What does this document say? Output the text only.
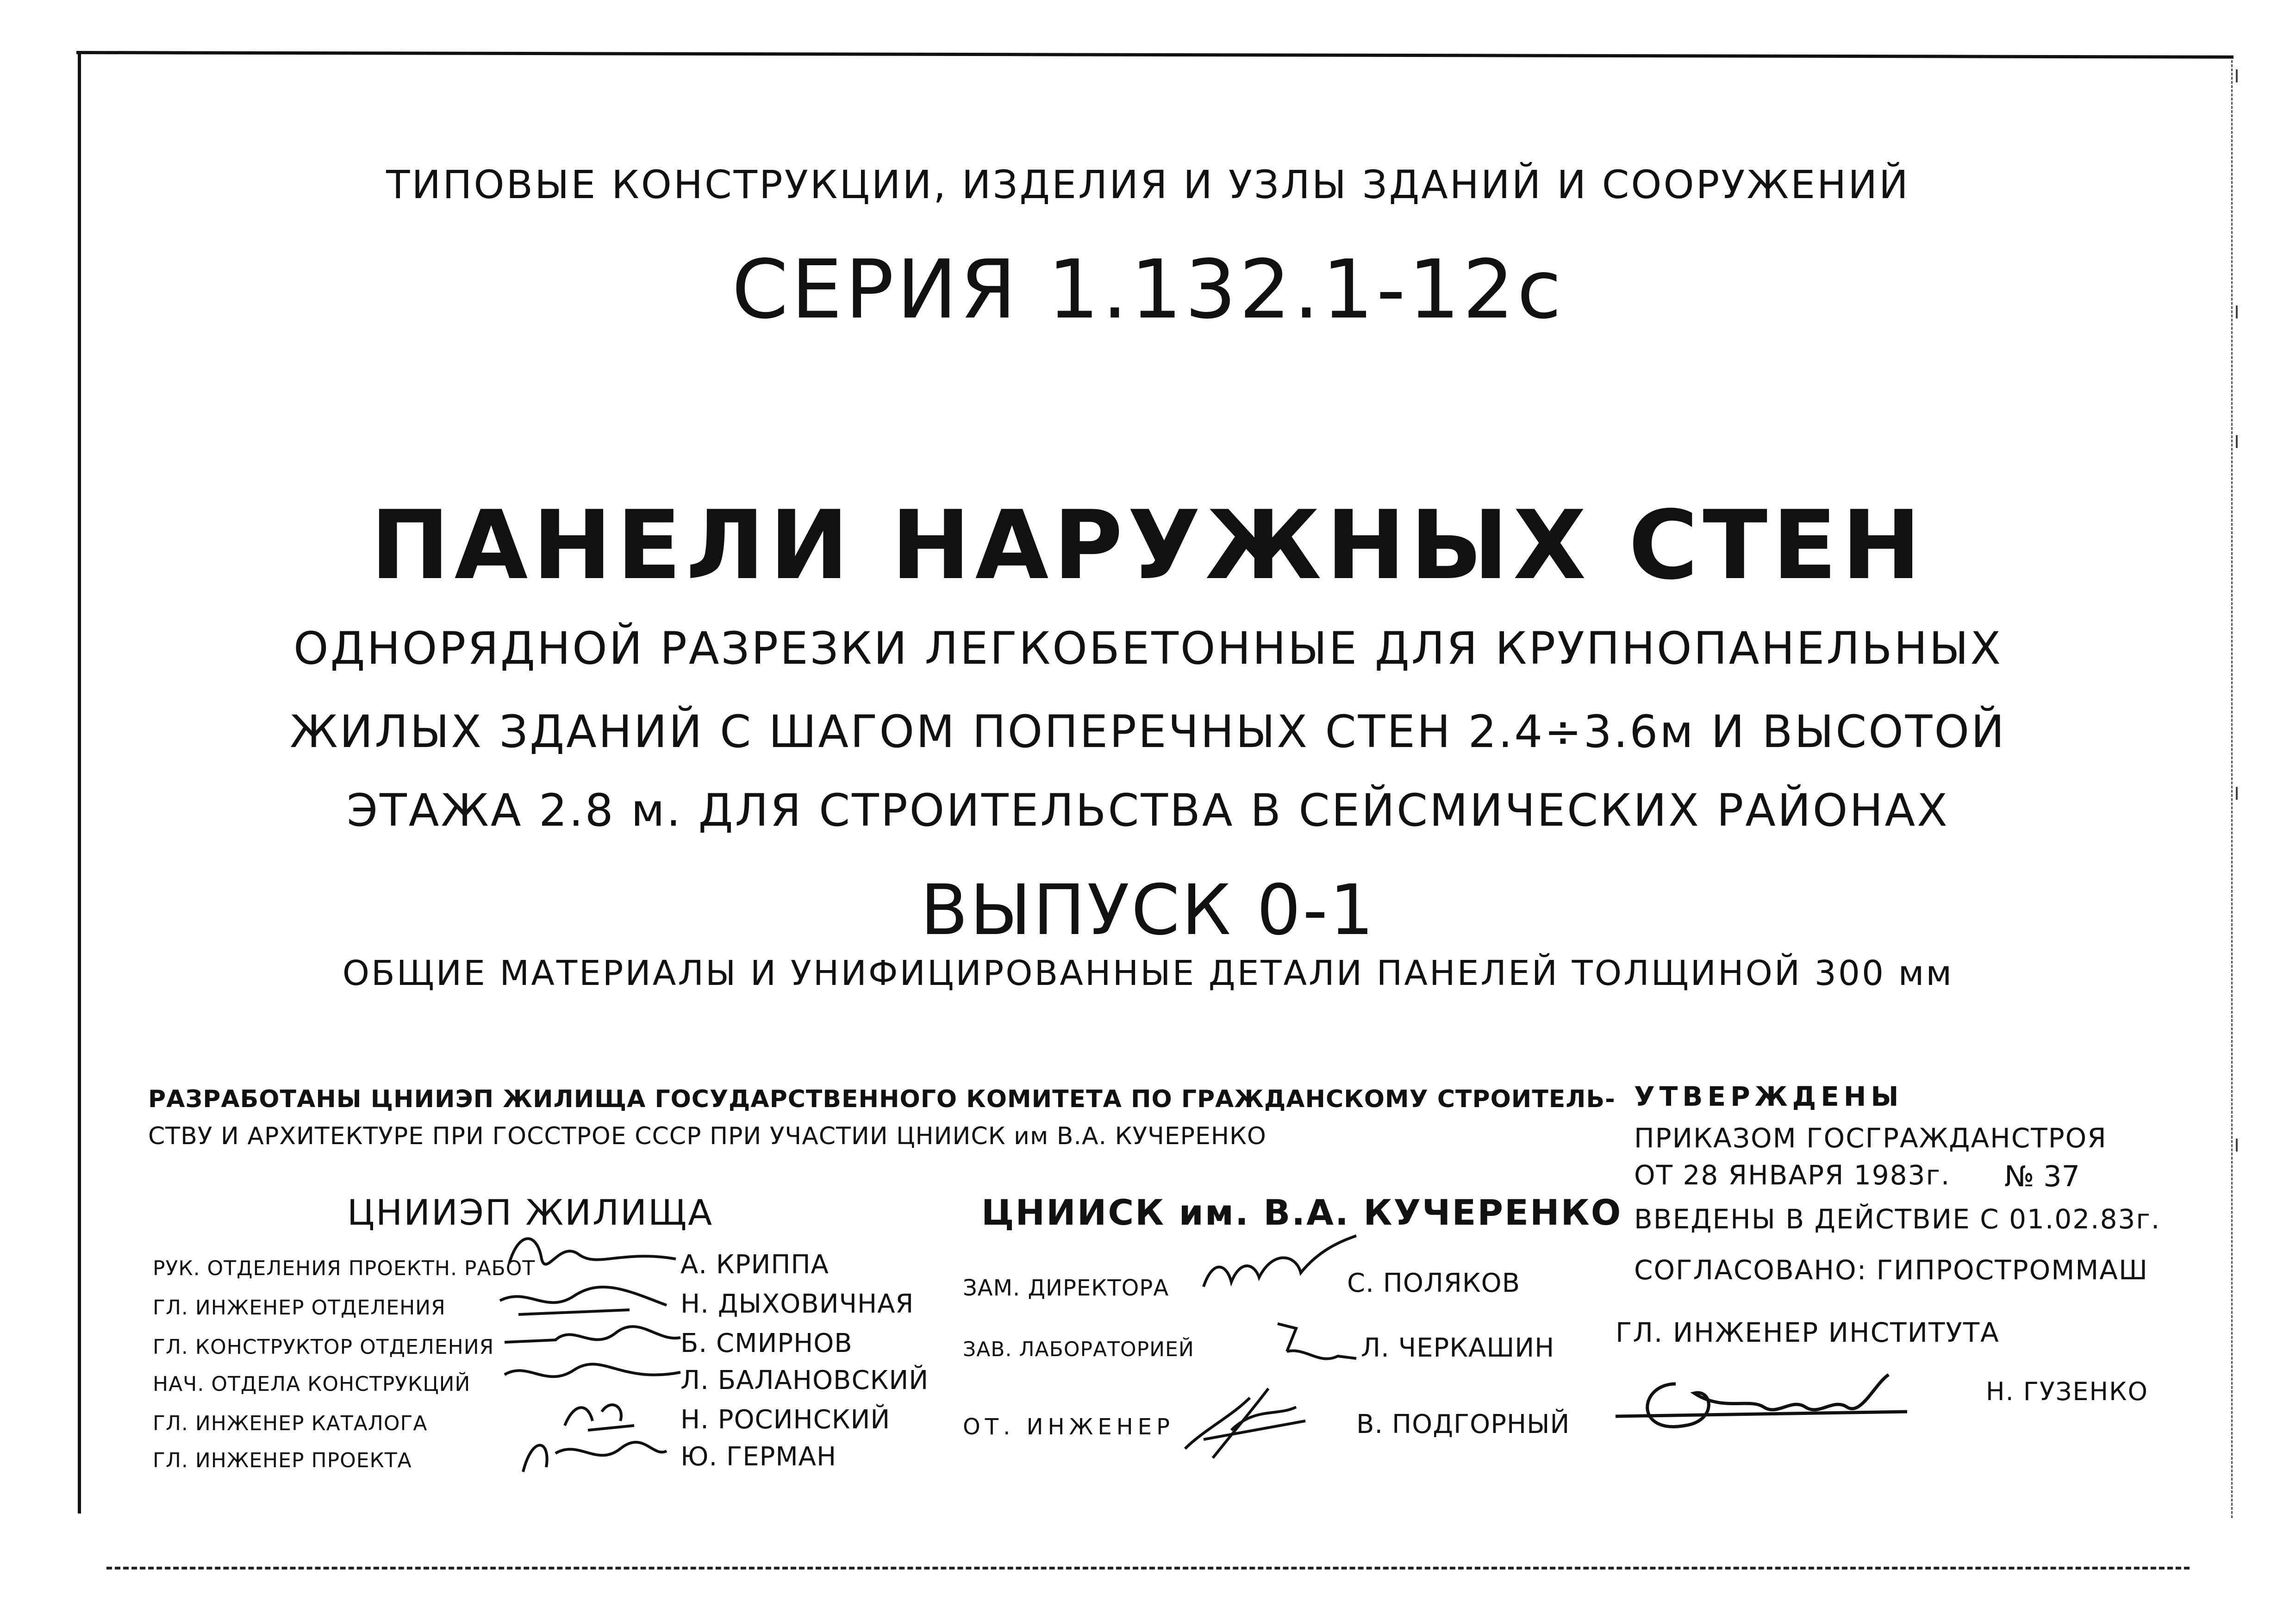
ТИПОВЫЕ КОНСТРУКЦИИ, ИЗДЕЛИЯ И УЗЛЫ ЗДАНИЙ И СООРУЖЕНИЙ
СЕРИЯ 1.132.1-12с
ПАНЕЛИ НАРУЖНЫХ СТЕН
ОДНОРЯДНОЙ РАЗРЕЗКИ ЛЕГКОБЕТОННЫЕ ДЛЯ КРУПНОПАНЕЛЬНЫХ
ЖИЛЫХ ЗДАНИЙ С ШАГОМ ПОПЕРЕЧНЫХ СТЕН 2.4÷3.6м И ВЫСОТОЙ
ЭТАЖА 2.8 м. ДЛЯ СТРОИТЕЛЬСТВА В СЕЙСМИЧЕСКИХ РАЙОНАХ
ВЫПУСК 0-1
ОБЩИЕ МАТЕРИАЛЫ И УНИФИЦИРОВАННЫЕ ДЕТАЛИ ПАНЕЛЕЙ ТОЛЩИНОЙ 300 мм
РАЗРАБОТАНЫ ЦНИИЭП ЖИЛИЩА ГОСУДАРСТВЕННОГО КОМИТЕТА ПО ГРАЖДАНСКОМУ СТРОИТЕЛЬ-
СТВУ И АРХИТЕКТУРЕ ПРИ ГОССТРОЕ СССР ПРИ УЧАСТИИ ЦНИИСК им В.А. КУЧЕРЕНКО
ЦНИИЭП ЖИЛИЩА
РУК. ОТДЕЛЕНИЯ ПРОЕКТН. РАБОТ	А. КРИППА
ГЛ. ИНЖЕНЕР ОТДЕЛЕНИЯ	Н. ДЫХОВИЧНАЯ
ГЛ. КОНСТРУКТОР ОТДЕЛЕНИЯ	Б. СМИРНОВ
НАЧ. ОТДЕЛА КОНСТРУКЦИЙ	Л. БАЛАНОВСКИЙ
ГЛ. ИНЖЕНЕР КАТАЛОГА	Н. РОСИНСКИЙ
ГЛ. ИНЖЕНЕР ПРОЕКТА	Ю. ГЕРМАН
ЦНИИСК им. В.А. КУЧЕРЕНКО
ЗАМ. ДИРЕКТОРА	С. ПОЛЯКОВ
ЗАВ. ЛАБОРАТОРИЕЙ	Л. ЧЕРКАШИН
ОТ. ИНЖЕНЕР	В. ПОДГОРНЫЙ
УТВЕРЖДЕНЫ
ПРИКАЗОМ ГОСГРАЖДАНСТРОЯ
ОТ 28 ЯНВАРЯ 1983г. № 37
ВВЕДЕНЫ В ДЕЙСТВИЕ С 01.02.83г.
СОГЛАСОВАНО: ГИПРОСТРОММАШ
ГЛ. ИНЖЕНЕР ИНСТИТУТА
Н. ГУЗЕНКО
